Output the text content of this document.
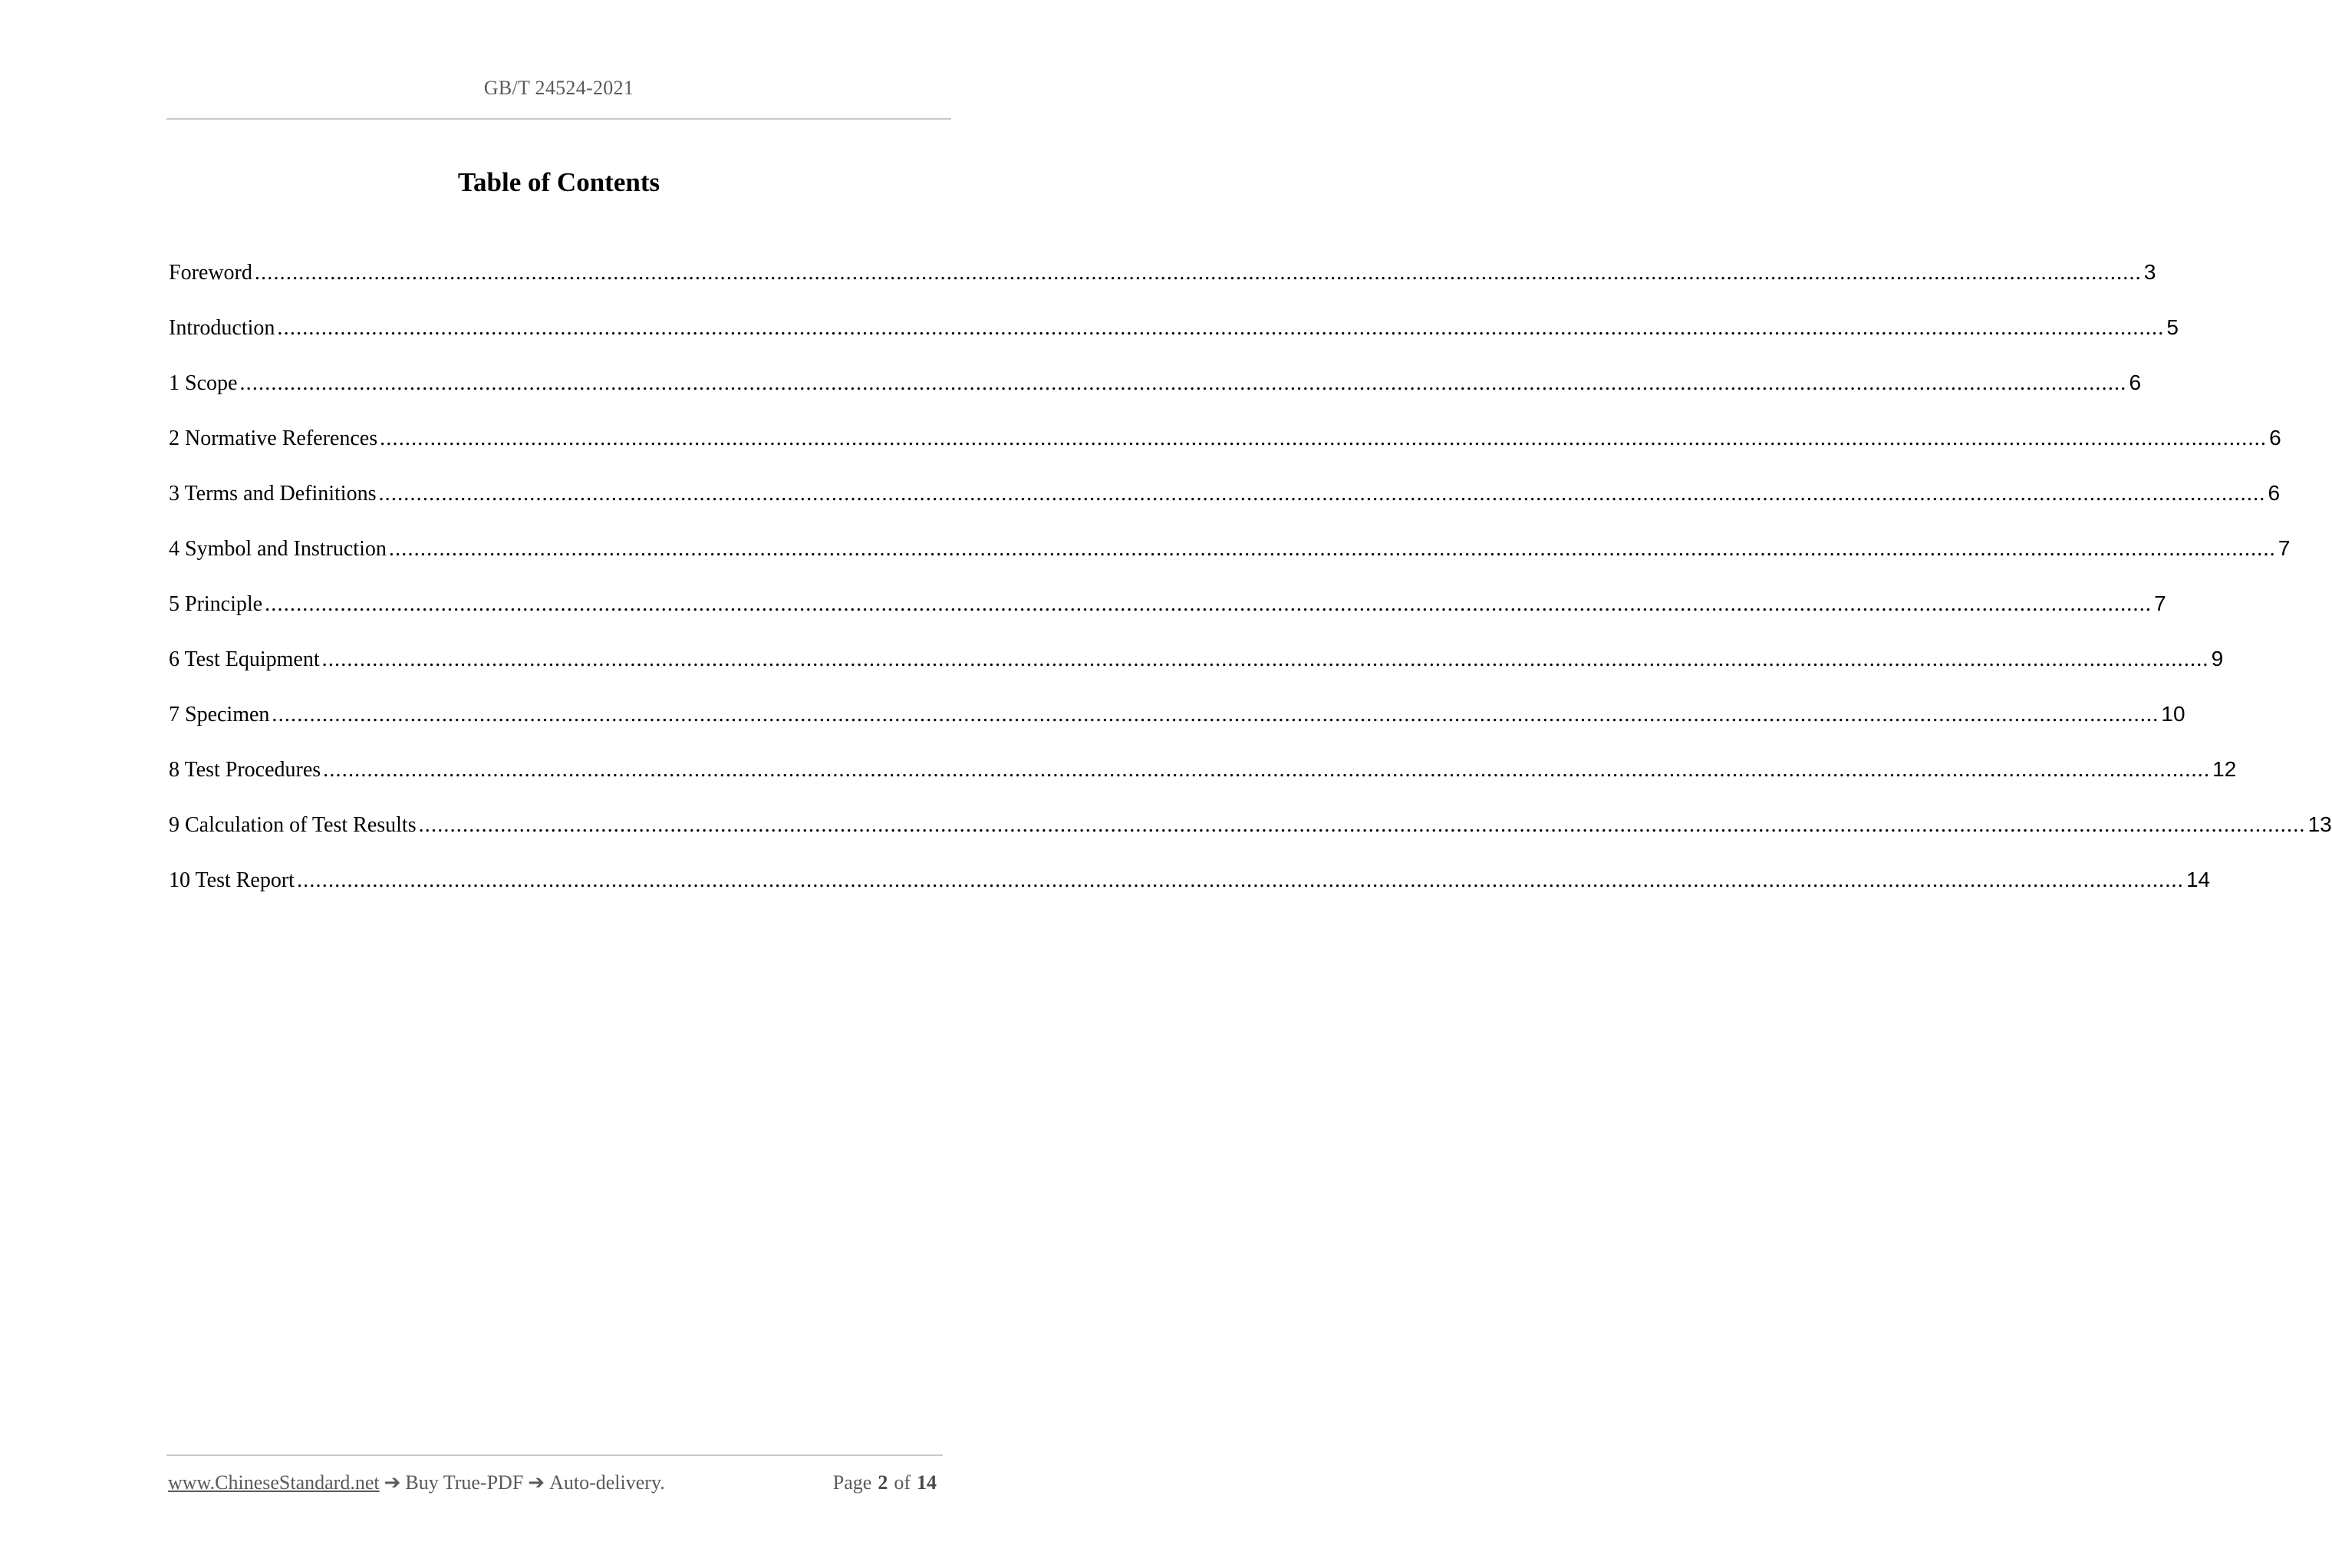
GB/T 24524-2021
Table of Contents
Foreword ............................................................................................................................................................................................................................................................................................................ 3
Introduction ............................................................................................................................................................................................................................................................................................................ 5
1 Scope ............................................................................................................................................................................................................................................................................................................ 6
2 Normative References ............................................................................................................................................................................................................................................................................................................ 6
3 Terms and Definitions ............................................................................................................................................................................................................................................................................................................ 6
4 Symbol and Instruction ............................................................................................................................................................................................................................................................................................................ 7
5 Principle ............................................................................................................................................................................................................................................................................................................ 7
6 Test Equipment ............................................................................................................................................................................................................................................................................................................ 9
7 Specimen ............................................................................................................................................................................................................................................................................................................ 10
8 Test Procedures ............................................................................................................................................................................................................................................................................................................ 12
9 Calculation of Test Results ............................................................................................................................................................................................................................................................................................................ 13
10 Test Report ............................................................................................................................................................................................................................................................................................................ 14
www.ChineseStandard.net ➔ Buy True-PDF ➔ Auto-delivery.	Page 2 of 14
